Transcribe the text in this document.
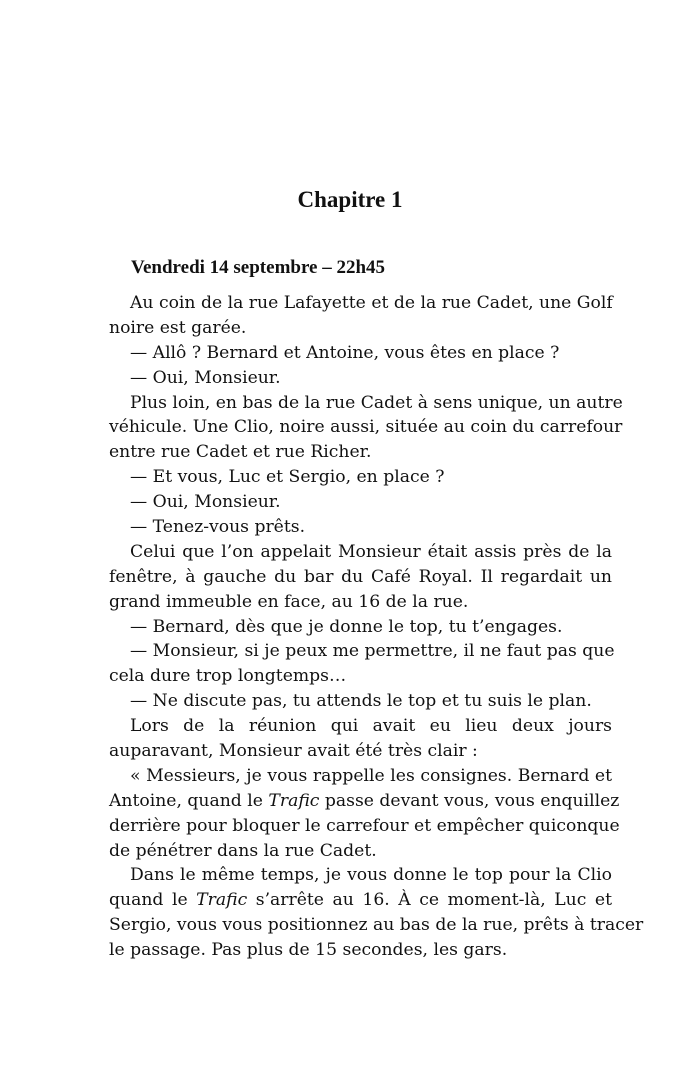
Chapitre 1
Vendredi 14 septembre – 22h45
Au coin de la rue Lafayette et de la rue Cadet, une Golf
noire est garée.
— Allô ? Bernard et Antoine, vous êtes en place ?
— Oui, Monsieur.
Plus loin, en bas de la rue Cadet à sens unique, un autre
véhicule. Une Clio, noire aussi, située au coin du carrefour
entre rue Cadet et rue Richer.
— Et vous, Luc et Sergio, en place ?
— Oui, Monsieur.
— Tenez-vous prêts.
Celui que l’on appelait Monsieur était assis près de la
fenêtre, à gauche du bar du Café Royal. Il regardait un
grand immeuble en face, au 16 de la rue.
— Bernard, dès que je donne le top, tu t’engages.
— Monsieur, si je peux me permettre, il ne faut pas que
cela dure trop longtemps…
— Ne discute pas, tu attends le top et tu suis le plan.
Lors de la réunion qui avait eu lieu deux jours
auparavant, Monsieur avait été très clair :
« Messieurs, je vous rappelle les consignes. Bernard et
Antoine, quand le Trafic passe devant vous, vous enquillez
derrière pour bloquer le carrefour et empêcher quiconque
de pénétrer dans la rue Cadet.
Dans le même temps, je vous donne le top pour la Clio
quand le Trafic s’arrête au 16. À ce moment-là, Luc et
Sergio, vous vous positionnez au bas de la rue, prêts à tracer
le passage. Pas plus de 15 secondes, les gars.
